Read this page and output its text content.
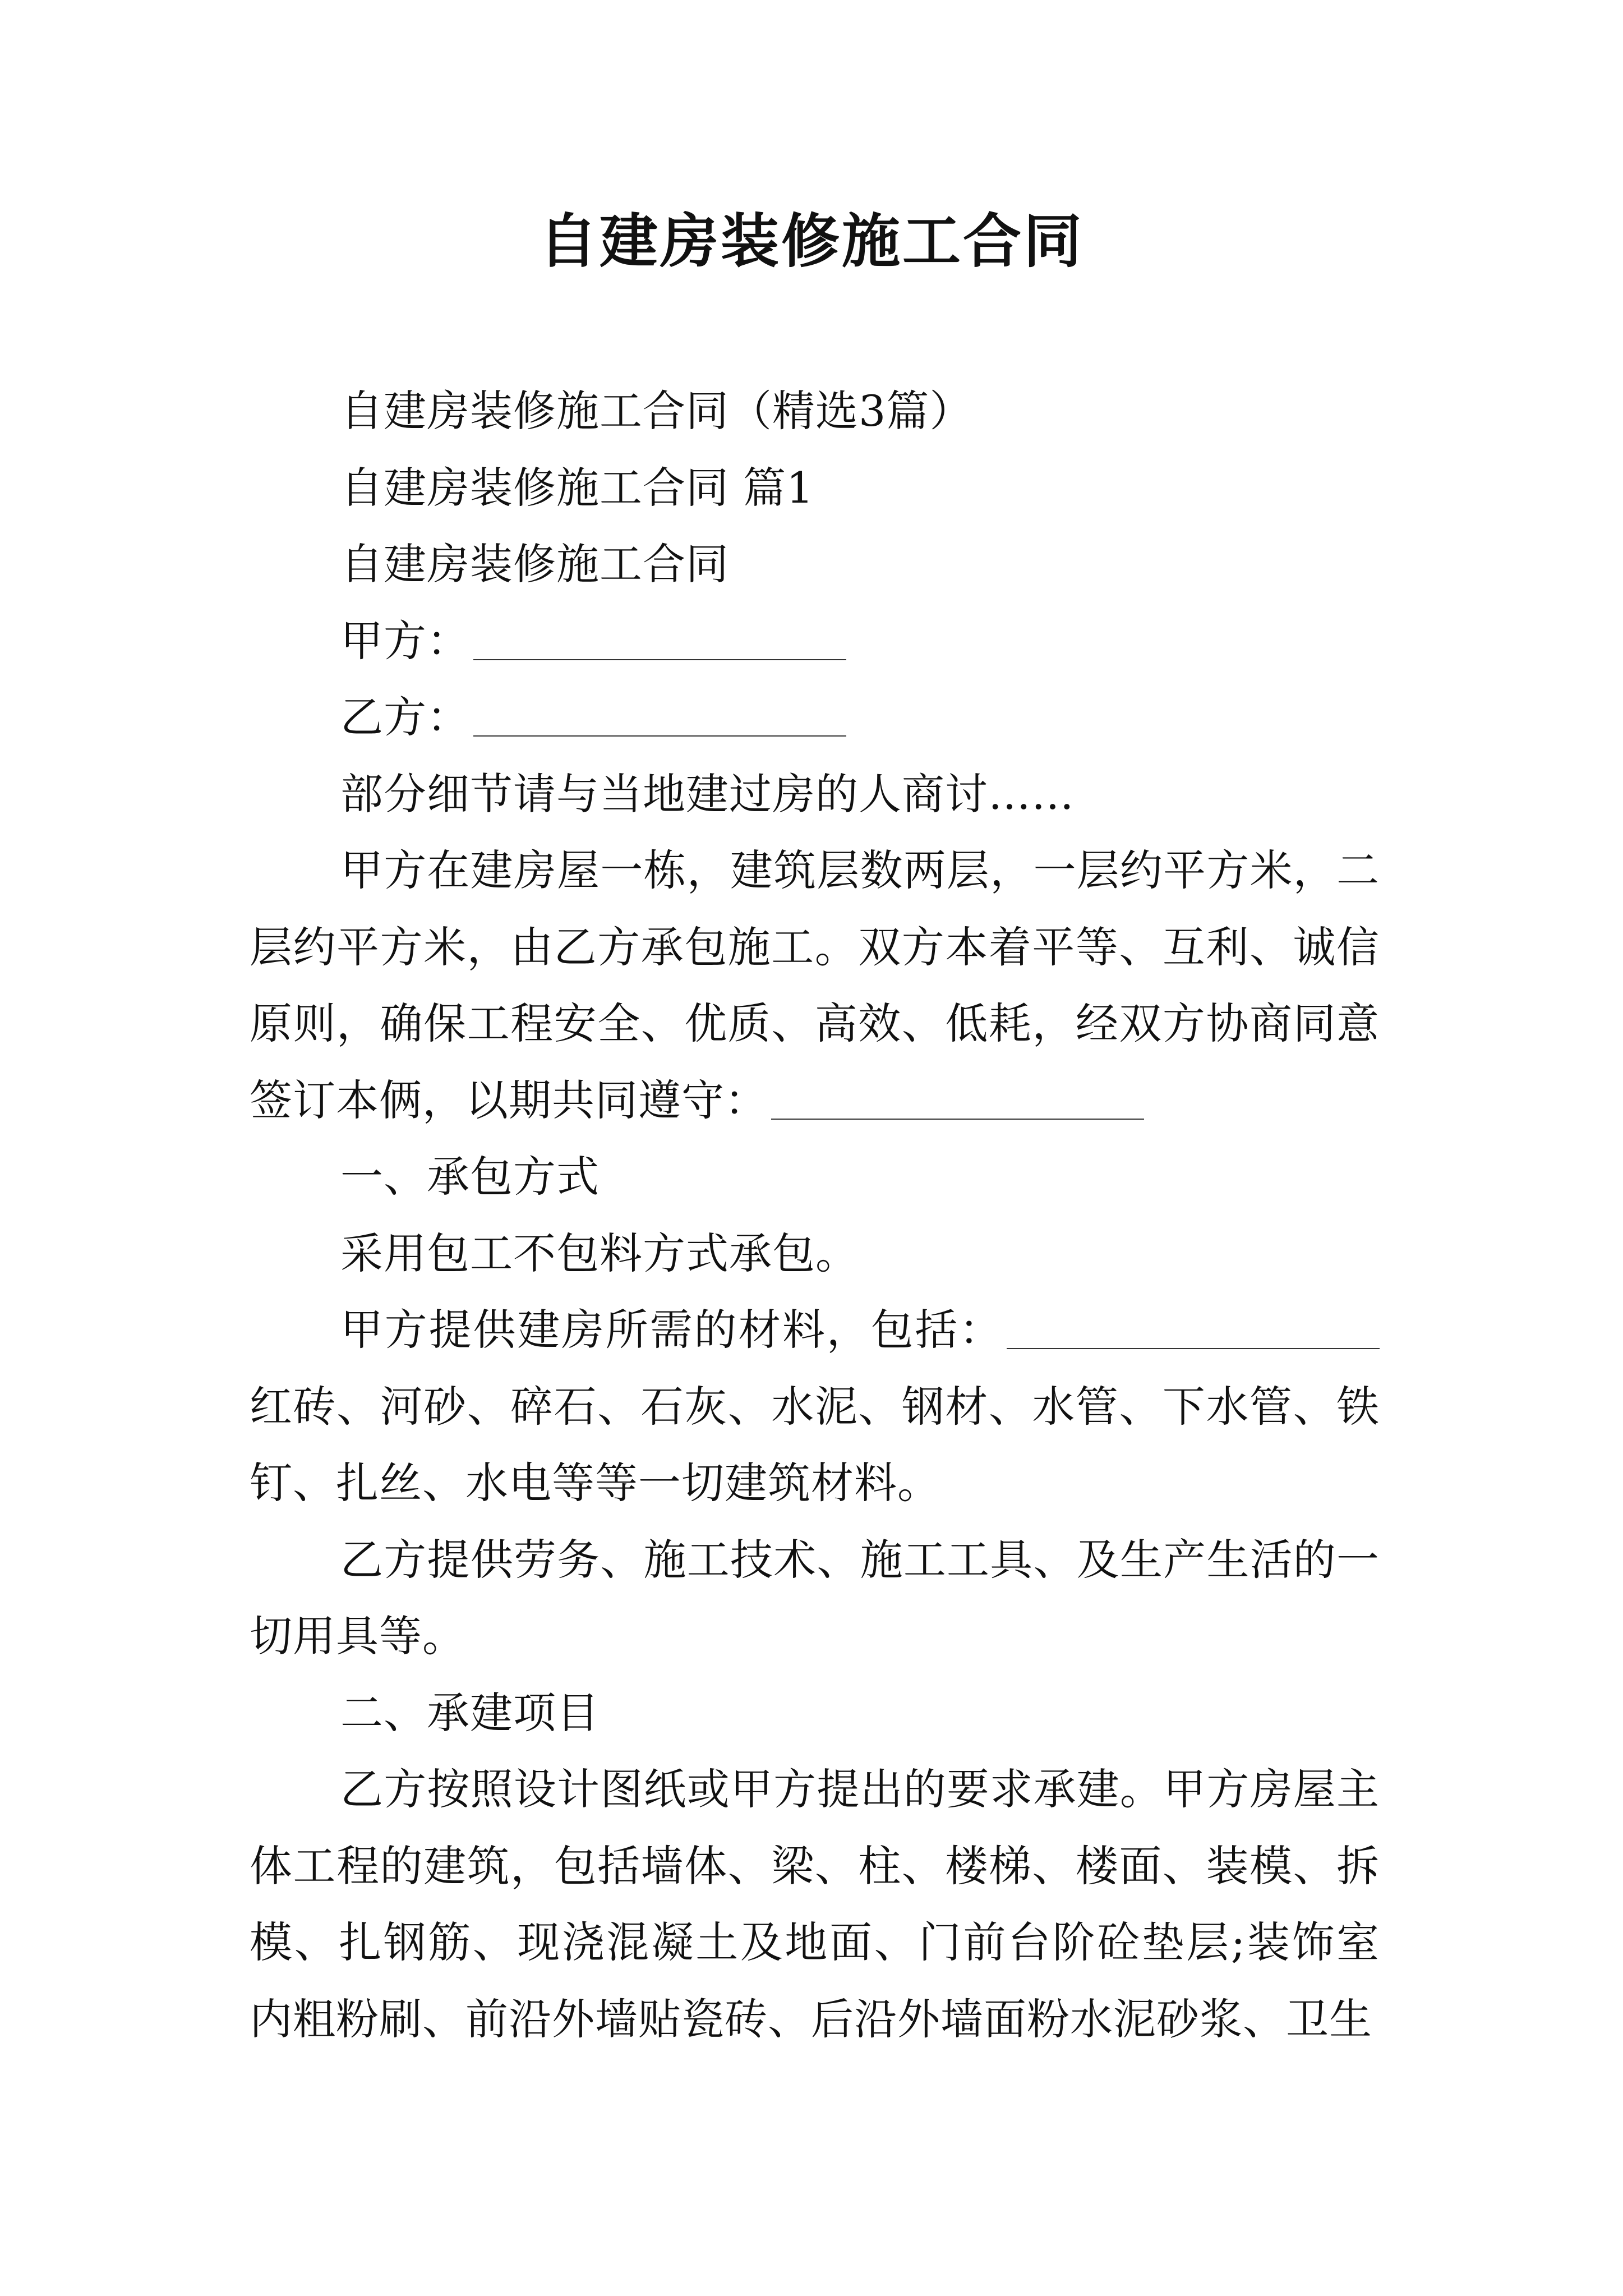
自建房装修施工合同

自建房装修施工合同（精选3篇）

自建房装修施工合同 篇1

自建房装修施工合同

甲方：

乙方：

部分细节请与当地建过房的人商讨……

甲方在建房屋一栋，建筑层数两层，一层约平方米，二层约平方米，由乙方承包施工。双方本着平等、互利、诚信原则，确保工程安全、优质、高效、低耗，经双方协商同意签订本俩，以期共同遵守：

一、承包方式

采用包工不包料方式承包。

甲方提供建房所需的材料，包括：红砖、河砂、碎石、石灰、水泥、钢材、水管、下水管、铁钉、扎丝、水电等等一切建筑材料。

乙方提供劳务、施工技术、施工工具、及生产生活的一切用具等。

二、承建项目

乙方按照设计图纸或甲方提出的要求承建。甲方房屋主体工程的建筑，包括墙体、梁、柱、楼梯、楼面、装模、拆模、扎钢筋、现浇混凝土及地面、门前台阶砼垫层;装饰室内粗粉刷、前沿外墙贴瓷砖、后沿外墙面粉水泥砂浆、卫生
